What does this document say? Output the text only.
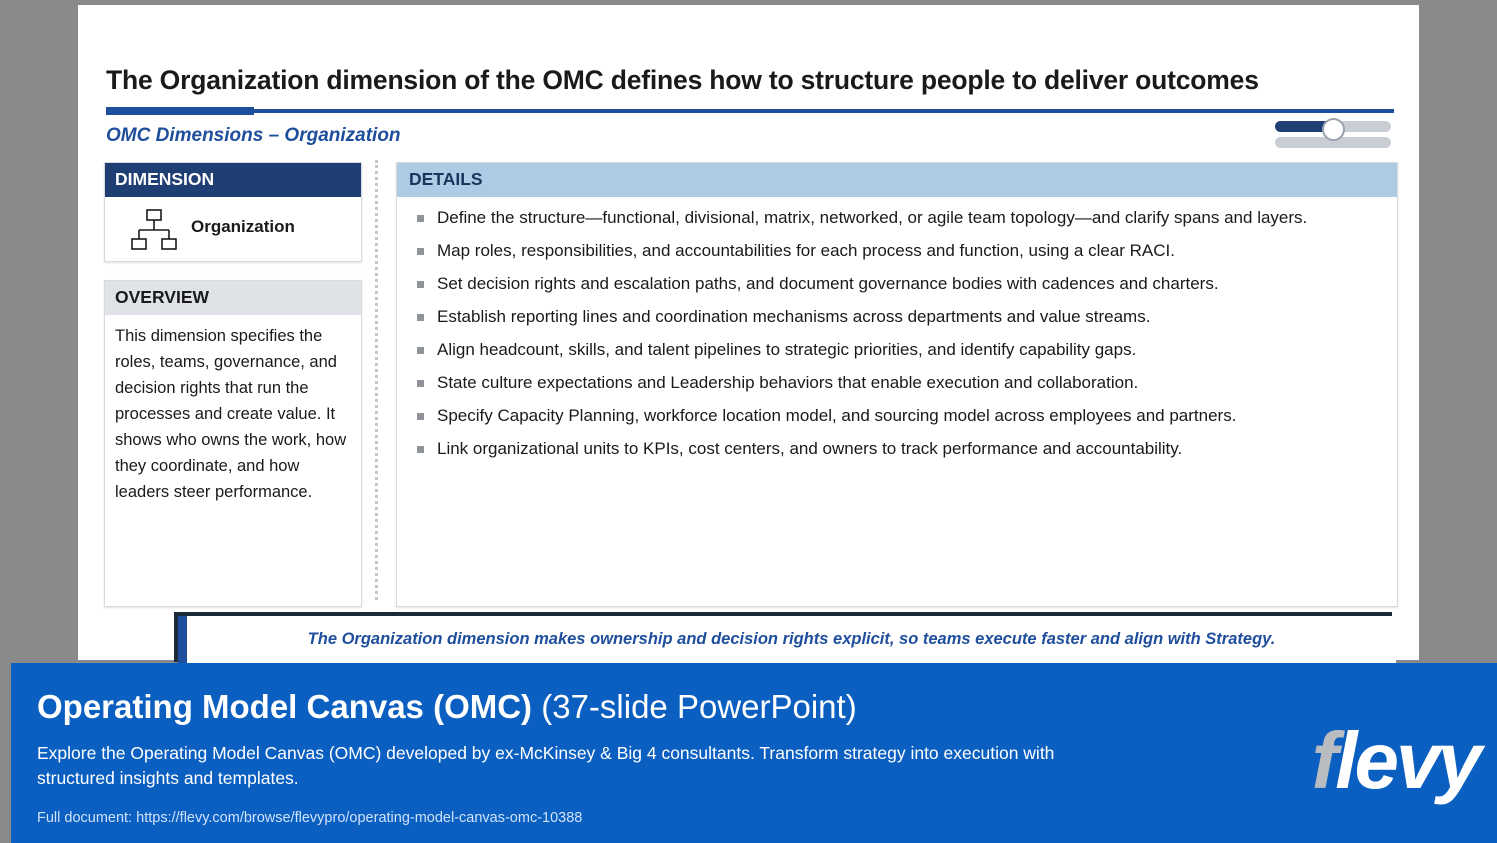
The Organization dimension of the OMC defines how to structure people to deliver outcomes
OMC Dimensions – Organization
DIMENSION
Organization
OVERVIEW
This dimension specifies the roles, teams, governance, and decision rights that run the processes and create value. It shows who owns the work, how they coordinate, and how leaders steer performance.
DETAILS
Define the structure—functional, divisional, matrix, networked, or agile team topology—and clarify spans and layers.
Map roles, responsibilities, and accountabilities for each process and function, using a clear RACI.
Set decision rights and escalation paths, and document governance bodies with cadences and charters.
Establish reporting lines and coordination mechanisms across departments and value streams.
Align headcount, skills, and talent pipelines to strategic priorities, and identify capability gaps.
State culture expectations and Leadership behaviors that enable execution and collaboration.
Specify Capacity Planning, workforce location model, and sourcing model across employees and partners.
Link organizational units to KPIs, cost centers, and owners to track performance and accountability.
The Organization dimension makes ownership and decision rights explicit, so teams execute faster and align with Strategy.
Operating Model Canvas (OMC) (37-slide PowerPoint)
Explore the Operating Model Canvas (OMC) developed by ex-McKinsey & Big 4 consultants. Transform strategy into execution with structured insights and templates.
Full document: https://flevy.com/browse/flevypro/operating-model-canvas-omc-10388
flevy
